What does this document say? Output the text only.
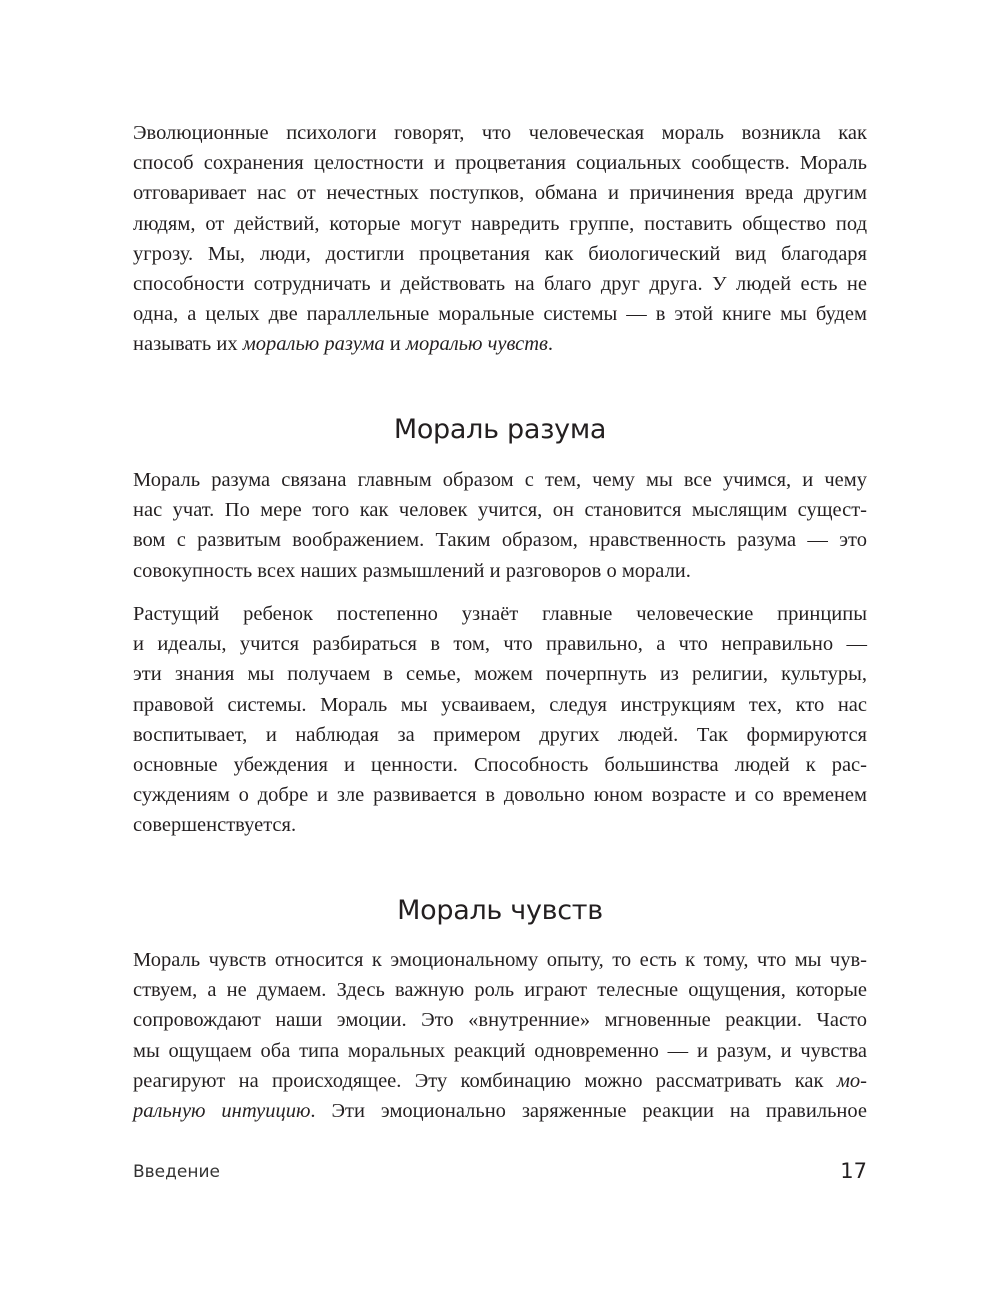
Эволюционные психологи говорят, что человеческая мораль возникла как
способ сохранения целостности и процветания социальных сообществ. Мораль
отговаривает нас от нечестных поступков, обмана и причинения вреда другим
людям, от действий, которые могут навредить группе, поставить общество под
угрозу. Мы, люди, достигли процветания как биологический вид благодаря
способности сотрудничать и действовать на благо друг друга. У людей есть не
одна, а целых две параллельные моральные системы — в этой книге мы будем
называть их моралью разума и моралью чувств.
Мораль разума
Мораль разума связана главным образом с тем, чему мы все учимся, и чему
нас учат. По мере того как человек учится, он становится мыслящим сущест-
вом с развитым воображением. Таким образом, нравственность разума — это
совокупность всех наших размышлений и разговоров о морали.
Растущий ребенок постепенно узнаёт главные человеческие принципы
и идеалы, учится разбираться в том, что правильно, а что неправильно —
эти знания мы получаем в семье, можем почерпнуть из религии, культуры,
правовой системы. Мораль мы усваиваем, следуя инструкциям тех, кто нас
воспитывает, и наблюдая за примером других людей. Так формируются
основные убеждения и ценности. Способность большинства людей к рас-
суждениям о добре и зле развивается в довольно юном возрасте и со временем
совершенствуется.
Мораль чувств
Мораль чувств относится к эмоциональному опыту, то есть к тому, что мы чув-
ствуем, а не думаем. Здесь важную роль играют телесные ощущения, которые
сопровождают наши эмоции. Это «внутренние» мгновенные реакции. Часто
мы ощущаем оба типа моральных реакций одновременно — и разум, и чувства
реагируют на происходящее. Эту комбинацию можно рассматривать как мо-
ральную интуицию. Эти эмоционально заряженные реакции на правильное
Введение	17
